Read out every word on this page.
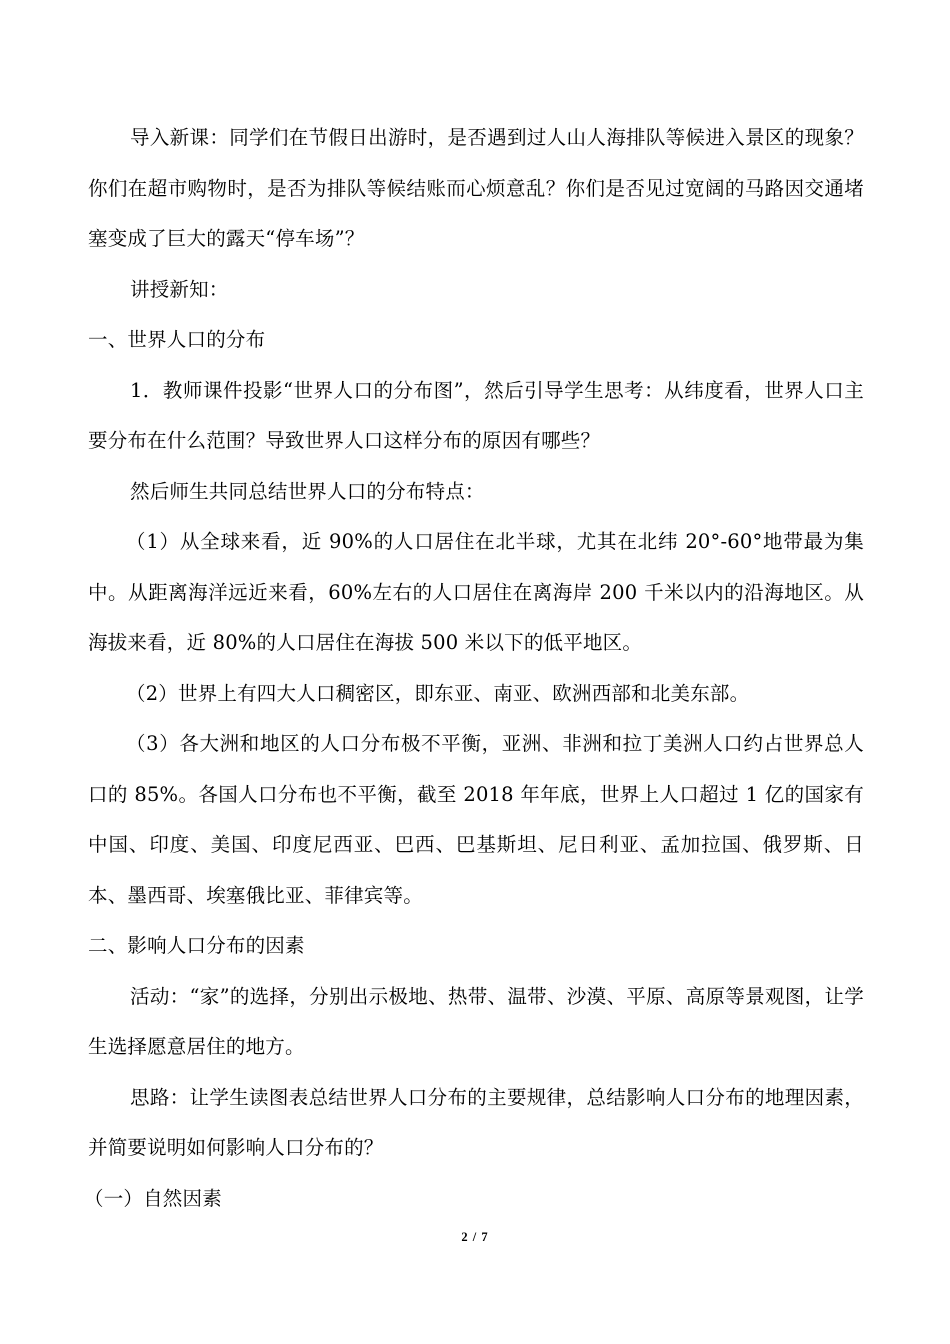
导入新课：同学们在节假日出游时，是否遇到过人山人海排队等候进入景区的现象？你们在超市购物时，是否为排队等候结账而心烦意乱？你们是否见过宽阔的马路因交通堵塞变成了巨大的露天“停车场”？

讲授新知：

一、世界人口的分布

1．教师课件投影“世界人口的分布图”，然后引导学生思考：从纬度看，世界人口主要分布在什么范围？导致世界人口这样分布的原因有哪些？

然后师生共同总结世界人口的分布特点：

（1）从全球来看，近 90%的人口居住在北半球，尤其在北纬 20°-60°地带最为集中。从距离海洋远近来看，60%左右的人口居住在离海岸 200 千米以内的沿海地区。从海拔来看，近 80%的人口居住在海拔 500 米以下的低平地区。

（2）世界上有四大人口稠密区，即东亚、南亚、欧洲西部和北美东部。

（3）各大洲和地区的人口分布极不平衡，亚洲、非洲和拉丁美洲人口约占世界总人口的 85%。各国人口分布也不平衡，截至 2018 年年底，世界上人口超过 1 亿的国家有中国、印度、美国、印度尼西亚、巴西、巴基斯坦、尼日利亚、孟加拉国、俄罗斯、日本、墨西哥、埃塞俄比亚、菲律宾等。

二、影响人口分布的因素

活动：“家”的选择，分别出示极地、热带、温带、沙漠、平原、高原等景观图，让学生选择愿意居住的地方。

思路：让学生读图表总结世界人口分布的主要规律，总结影响人口分布的地理因素，并简要说明如何影响人口分布的？

（一）自然因素

2 / 7
